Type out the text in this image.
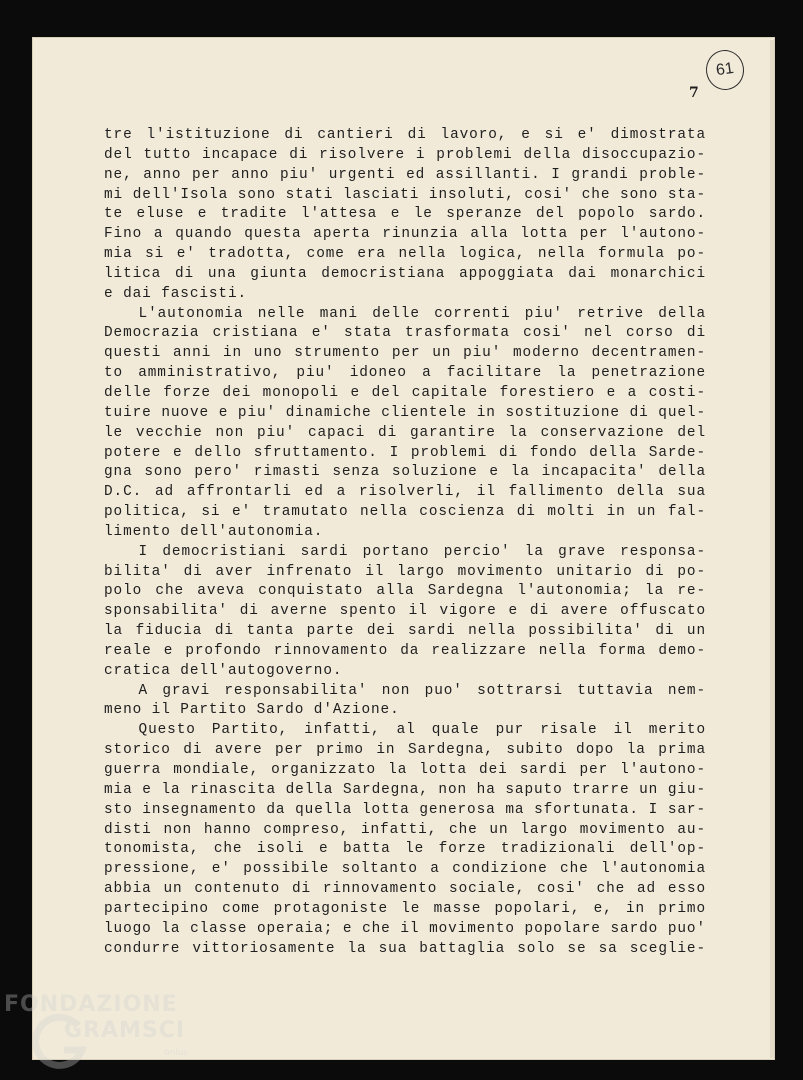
61
7
tre l'istituzione di cantieri di lavoro, e si e' dimostrata
del tutto incapace di risolvere i problemi della disoccupazio-
ne, anno per anno piu' urgenti ed assillanti. I grandi proble-
mi dell'Isola sono stati lasciati insoluti, cosi' che sono sta-
te eluse e tradite l'attesa e le speranze del popolo sardo.
Fino a quando questa aperta rinunzia alla lotta per l'autono-
mia si e' tradotta, come era nella logica, nella formula po-
litica di una giunta democristiana appoggiata dai monarchici
e dai fascisti.
L'autonomia nelle mani delle correnti piu' retrive della
Democrazia cristiana e' stata trasformata cosi' nel corso di
questi anni in uno strumento per un piu' moderno decentramen-
to amministrativo, piu' idoneo a facilitare la penetrazione
delle forze dei monopoli e del capitale forestiero e a costi-
tuire nuove e piu' dinamiche clientele in sostituzione di quel-
le vecchie non piu' capaci di garantire la conservazione del
potere e dello sfruttamento. I problemi di fondo della Sarde-
gna sono pero' rimasti senza soluzione e la incapacita' della
D.C. ad affrontarli ed a risolverli, il fallimento della sua
politica, si e' tramutato nella coscienza di molti in un fal-
limento dell'autonomia.
I democristiani sardi portano percio' la grave responsa-
bilita' di aver infrenato il largo movimento unitario di po-
polo che aveva conquistato alla Sardegna l'autonomia; la re-
sponsabilita' di averne spento il vigore e di avere offuscato
la fiducia di tanta parte dei sardi nella possibilita' di un
reale e profondo rinnovamento da realizzare nella forma demo-
cratica dell'autogoverno.
A gravi responsabilita' non puo' sottrarsi tuttavia nem-
meno il Partito Sardo d'Azione.
Questo Partito, infatti, al quale pur risale il merito
storico di avere per primo in Sardegna, subito dopo la prima
guerra mondiale, organizzato la lotta dei sardi per l'autono-
mia e la rinascita della Sardegna, non ha saputo trarre un giu-
sto insegnamento da quella lotta generosa ma sfortunata. I sar-
disti non hanno compreso, infatti, che un largo movimento au-
tonomista, che isoli e batta le forze tradizionali dell'op-
pressione, e' possibile soltanto a condizione che l'autonomia
abbia un contenuto di rinnovamento sociale, cosi' che ad esso
partecipino come protagoniste le masse popolari, e, in primo
luogo la classe operaia; e che il movimento popolare sardo puo'
condurre vittoriosamente la sua battaglia solo se sa sceglie-
FONDAZIONE
GRAMSCI
onlus
